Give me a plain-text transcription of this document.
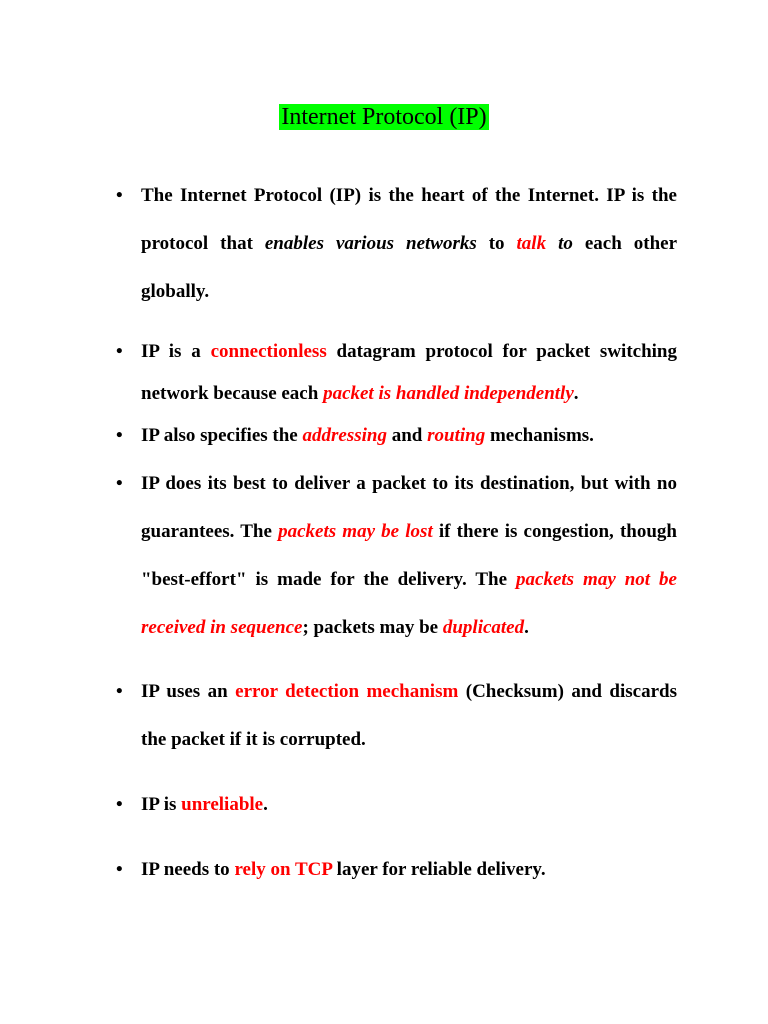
Internet Protocol (IP)
• The Internet Protocol (IP) is the heart of the Internet. IP is the protocol that enables various networks to talk to each other globally.
• IP is a connectionless datagram protocol for packet switching network because each packet is handled independently.
• IP also specifies the addressing and routing mechanisms.
• IP does its best to deliver a packet to its destination, but with no guarantees. The packets may be lost if there is congestion, though "best-effort" is made for the delivery. The packets may not be received in sequence; packets may be duplicated.
• IP uses an error detection mechanism (Checksum) and discards the packet if it is corrupted.
• IP is unreliable.
• IP needs to rely on TCP layer for reliable delivery.
